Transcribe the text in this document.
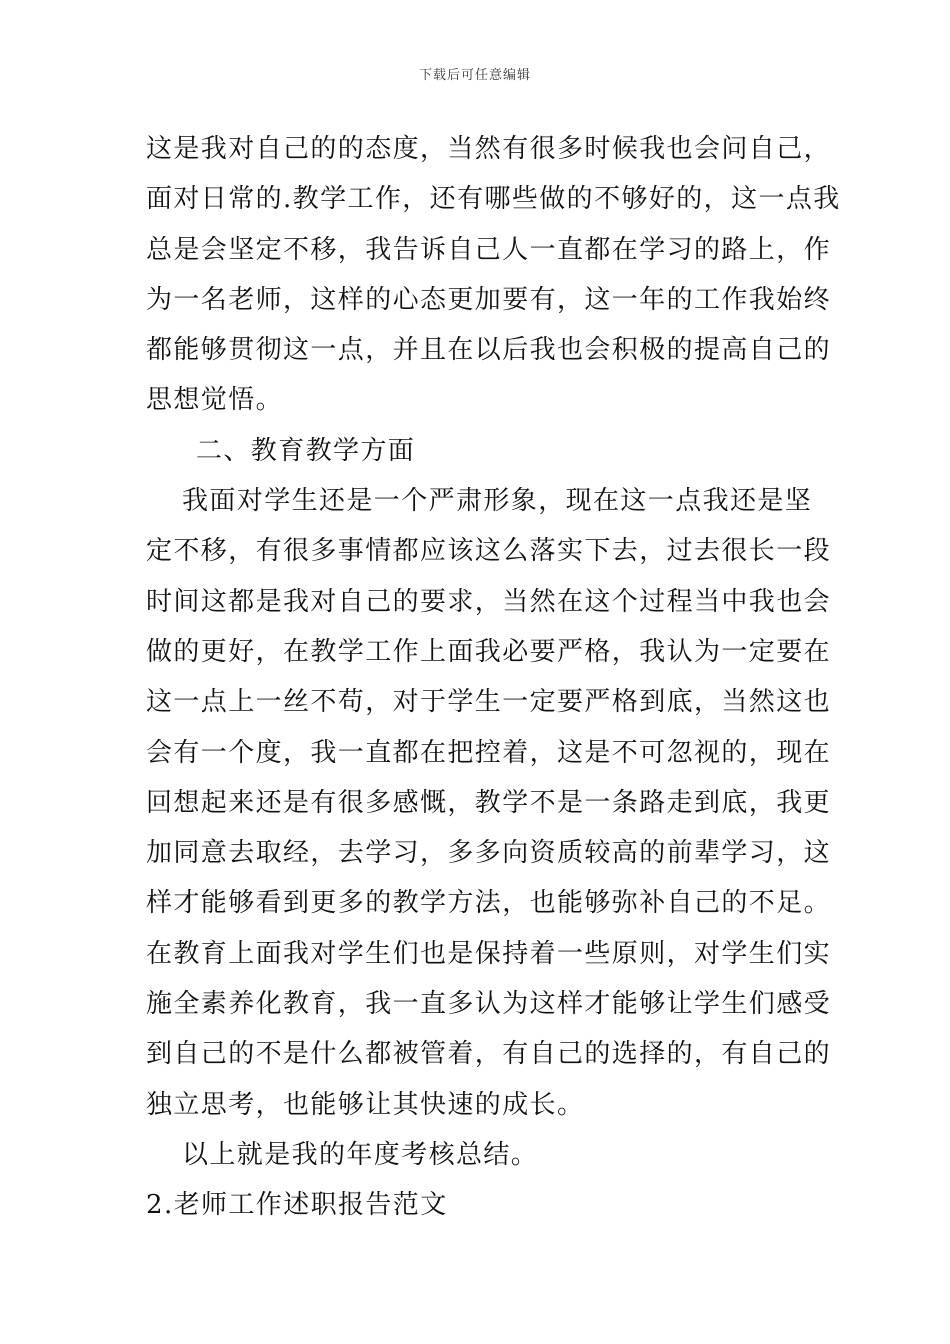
下载后可任意编辑
这是我对自己的的态度，当然有很多时候我也会问自己，
面对日常的.教学工作，还有哪些做的不够好的，这一点我
总是会坚定不移，我告诉自己人一直都在学习的路上，作
为一名老师，这样的心态更加要有，这一年的工作我始终
都能够贯彻这一点，并且在以后我也会积极的提高自己的
思想觉悟。
二、教育教学方面
我面对学生还是一个严肃形象，现在这一点我还是坚
定不移，有很多事情都应该这么落实下去，过去很长一段
时间这都是我对自己的要求，当然在这个过程当中我也会
做的更好，在教学工作上面我必要严格，我认为一定要在
这一点上一丝不苟，对于学生一定要严格到底，当然这也
会有一个度，我一直都在把控着，这是不可忽视的，现在
回想起来还是有很多感慨，教学不是一条路走到底，我更
加同意去取经，去学习，多多向资质较高的前辈学习，这
样才能够看到更多的教学方法，也能够弥补自己的不足。
在教育上面我对学生们也是保持着一些原则，对学生们实
施全素养化教育，我一直多认为这样才能够让学生们感受
到自己的不是什么都被管着，有自己的选择的，有自己的
独立思考，也能够让其快速的成长。
以上就是我的年度考核总结。
2.老师工作述职报告范文
